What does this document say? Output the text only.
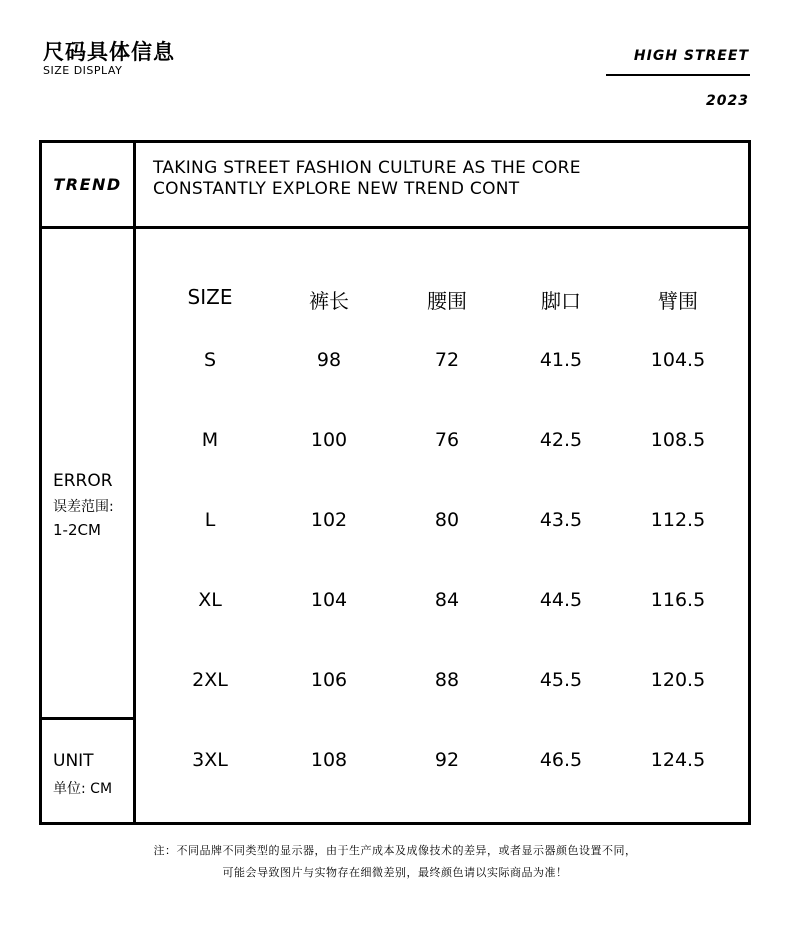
尺码具体信息
SIZE DISPLAY
HIGH STREET
2023
TREND
TAKING STREET FASHION CULTURE AS THE CORE
CONSTANTLY EXPLORE NEW TREND CONT
ERROR
误差范围:
1-2CM
UNIT
单位: CM
SIZE	裤长	腰围	脚口	臂围
S	98	72	41.5	104.5
M	100	76	42.5	108.5
L	102	80	43.5	112.5
XL	104	84	44.5	116.5
2XL	106	88	45.5	120.5
3XL	108	92	46.5	124.5
注：不同品牌不同类型的显示器，由于生产成本及成像技术的差异，或者显示器颜色设置不同，
可能会导致图片与实物存在细微差别，最终颜色请以实际商品为准！
